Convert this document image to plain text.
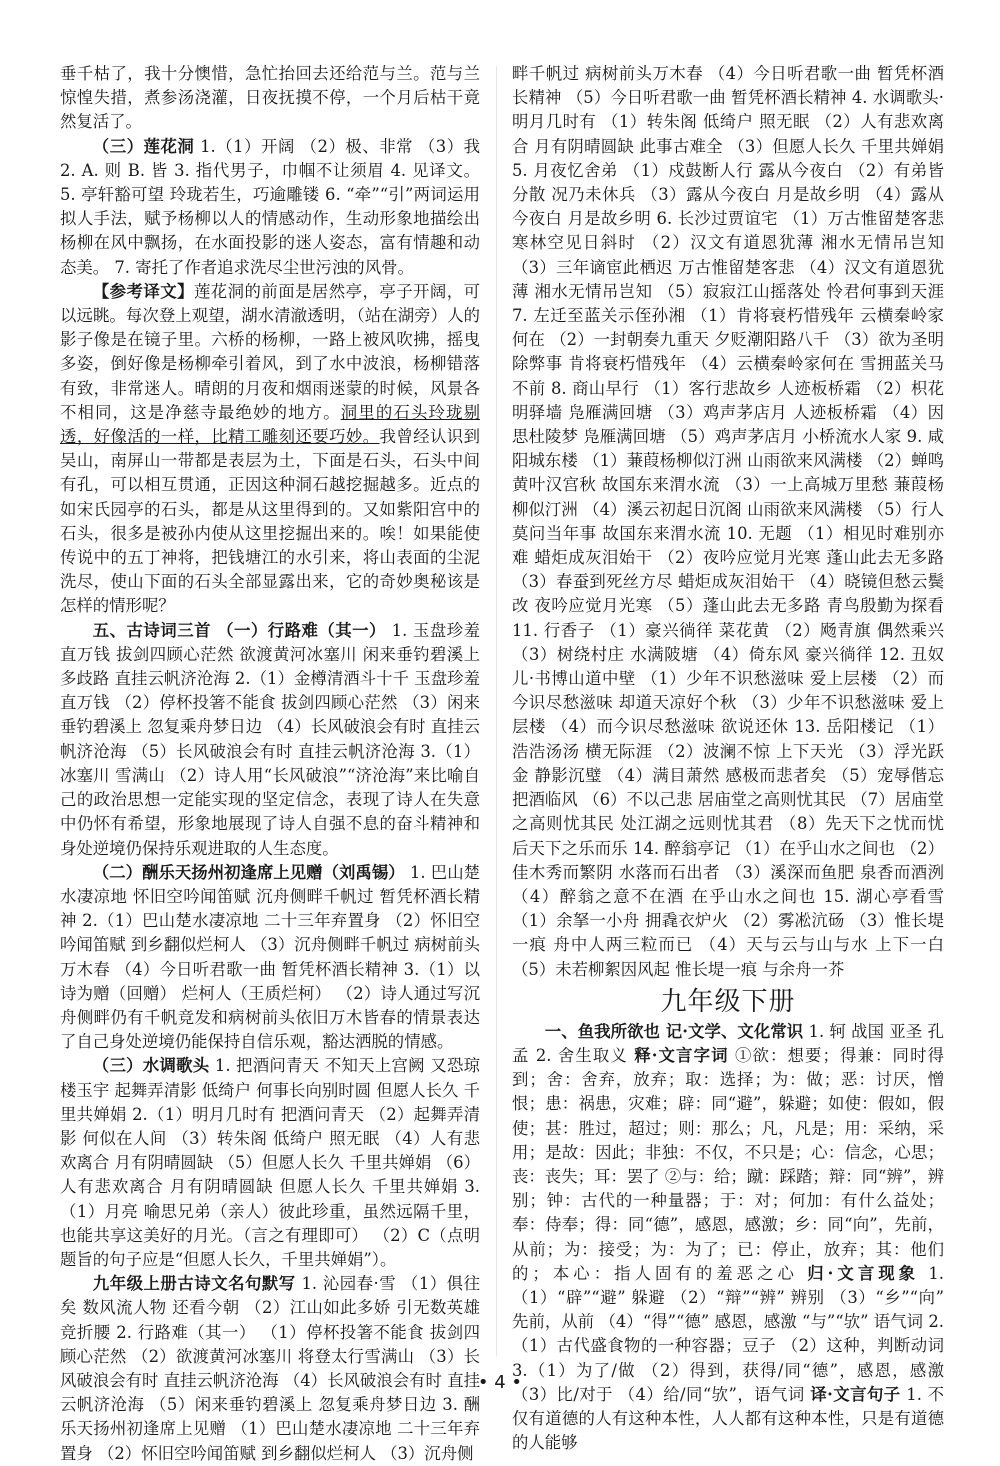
垂千枯了，我十分懊惜，急忙抬回去还给范与兰。范与兰惊惶失措，煮参汤浇灌，日夜抚摸不停，一个月后枯干竟然复活了。

（三）莲花洞 1.（1）开阔 （2）极、非常 （3）我 2. A. 则 B. 皆 3. 指代男子，巾帼不让须眉 4. 见译文。 5. 亭轩豁可望 玲珑若生，巧逾雕镂 6. “牵”“引”两词运用拟人手法，赋予杨柳以人的情感动作，生动形象地描绘出杨柳在风中飘扬，在水面投影的迷人姿态，富有情趣和动态美。 7. 寄托了作者追求洗尽尘世污浊的风骨。

【参考译文】莲花洞的前面是居然亭，亭子开阔，可以远眺。每次登上观望，湖水清澈透明，（站在湖旁）人的影子像是在镜子里。六桥的杨柳，一路上被风吹拂，摇曳多姿，倒好像是杨柳牵引着风，到了水中波浪，杨柳错落有致，非常迷人。晴朗的月夜和烟雨迷蒙的时候，风景各不相同，这是净慈寺最绝妙的地方。洞里的石头玲珑剔透，好像活的一样，比精工雕刻还要巧妙。我曾经认识到吴山，南屏山一带都是表层为土，下面是石头，石头中间有孔，可以相互贯通，正因这种洞石越挖掘越多。近点的如宋氏园亭的石头，都是从这里得到的。又如紫阳宫中的石头，很多是被孙内使从这里挖掘出来的。唉！如果能使传说中的五丁神将，把钱塘江的水引来，将山表面的尘泥洗尽，使山下面的石头全部显露出来，它的奇妙奥秘该是怎样的情形呢？

五、古诗词三首 （一）行路难（其一） 1. 玉盘珍羞直万钱 拔剑四顾心茫然 欲渡黄河冰塞川 闲来垂钓碧溪上 多歧路 直挂云帆济沧海 2.（1）金樽清酒斗十千 玉盘珍羞直万钱 （2）停杯投箸不能食 拔剑四顾心茫然 （3）闲来垂钓碧溪上 忽复乘舟梦日边 （4）长风破浪会有时 直挂云帆济沧海 （5）长风破浪会有时 直挂云帆济沧海 3.（1）冰塞川 雪满山 （2）诗人用“长风破浪”“济沧海”来比喻自己的政治思想一定能实现的坚定信念，表现了诗人在失意中仍怀有希望，形象地展现了诗人自强不息的奋斗精神和身处逆境仍保持乐观进取的人生态度。

（二）酬乐天扬州初逢席上见赠（刘禹锡） 1. 巴山楚水凄凉地 怀旧空吟闻笛赋 沉舟侧畔千帆过 暂凭杯酒长精神 2.（1）巴山楚水凄凉地 二十三年弃置身 （2）怀旧空吟闻笛赋 到乡翻似烂柯人 （3）沉舟侧畔千帆过 病树前头万木春 （4）今日听君歌一曲 暂凭杯酒长精神 3.（1）以诗为赠（回赠） 烂柯人（王质烂柯） （2）诗人通过写沉舟侧畔仍有千帆竞发和病树前头依旧万木皆春的情景表达了自己身处逆境仍能保持自信乐观，豁达洒脱的情感。

（三）水调歌头 1. 把酒问青天 不知天上宫阙 又恐琼楼玉宇 起舞弄清影 低绮户 何事长向别时圆 但愿人长久 千里共婵娟 2.（1）明月几时有 把酒问青天 （2）起舞弄清影 何似在人间 （3）转朱阁 低绮户 照无眠 （4）人有悲欢离合 月有阴晴圆缺 （5）但愿人长久 千里共婵娟 （6）人有悲欢离合 月有阴晴圆缺 但愿人长久 千里共婵娟 3.（1）月亮 喻思兄弟（亲人）彼此珍重，虽然远隔千里，也能共享这美好的月光。（言之有理即可） （2）C（点明题旨的句子应是“但愿人长久，千里共婵娟”）。

九年级上册古诗文名句默写 1. 沁园春·雪 （1）俱往矣 数风流人物 还看今朝 （2）江山如此多娇 引无数英雄竞折腰 2. 行路难（其一） （1）停杯投箸不能食 拔剑四顾心茫然 （2）欲渡黄河冰塞川 将登太行雪满山 （3）长风破浪会有时 直挂云帆济沧海 （4）长风破浪会有时 直挂云帆济沧海 （5）闲来垂钓碧溪上 忽复乘舟梦日边 3. 酬乐天扬州初逢席上见赠 （1）巴山楚水凄凉地 二十三年弃置身 （2）怀旧空吟闻笛赋 到乡翻似烂柯人 （3）沉舟侧

畔千帆过 病树前头万木春 （4）今日听君歌一曲 暂凭杯酒长精神 （5）今日听君歌一曲 暂凭杯酒长精神 4. 水调歌头·明月几时有 （1）转朱阁 低绮户 照无眠 （2）人有悲欢离合 月有阴晴圆缺 此事古难全 （3）但愿人长久 千里共婵娟 5. 月夜忆舍弟 （1）戍鼓断人行 露从今夜白 （2）有弟皆分散 况乃未休兵 （3）露从今夜白 月是故乡明 （4）露从今夜白 月是故乡明 6. 长沙过贾谊宅 （1）万古惟留楚客悲 寒林空见日斜时 （2）汉文有道恩犹薄 湘水无情吊岂知 （3）三年谪宦此栖迟 万古惟留楚客悲 （4）汉文有道恩犹薄 湘水无情吊岂知 （5）寂寂江山摇落处 怜君何事到天涯 7. 左迁至蓝关示侄孙湘 （1）肯将衰朽惜残年 云横秦岭家何在 （2）一封朝奏九重天 夕贬潮阳路八千 （3）欲为圣明除弊事 肯将衰朽惜残年 （4）云横秦岭家何在 雪拥蓝关马不前 8. 商山早行 （1）客行悲故乡 人迹板桥霜 （2）枳花明驿墙 凫雁满回塘 （3）鸡声茅店月 人迹板桥霜 （4）因思杜陵梦 凫雁满回塘 （5）鸡声茅店月 小桥流水人家 9. 咸阳城东楼 （1）蒹葭杨柳似汀洲 山雨欲来风满楼 （2）蝉鸣黄叶汉宫秋 故国东来渭水流 （3）一上高城万里愁 蒹葭杨柳似汀洲 （4）溪云初起日沉阁 山雨欲来风满楼 （5）行人莫问当年事 故国东来渭水流 10. 无题 （1）相见时难别亦难 蜡炬成灰泪始干 （2）夜吟应觉月光寒 蓬山此去无多路 （3）春蚕到死丝方尽 蜡炬成灰泪始干 （4）晓镜但愁云鬓改 夜吟应觉月光寒 （5）蓬山此去无多路 青鸟殷勤为探看 11. 行香子 （1）豪兴徜徉 菜花黄 （2）飏青旗 偶然乘兴 （3）树绕村庄 水满陂塘 （4）倚东风 豪兴徜徉 12. 丑奴儿·书博山道中壁 （1）少年不识愁滋味 爱上层楼 （2）而今识尽愁滋味 却道天凉好个秋 （3）少年不识愁滋味 爱上层楼 （4）而今识尽愁滋味 欲说还休 13. 岳阳楼记 （1）浩浩汤汤 横无际涯 （2）波澜不惊 上下天光 （3）浮光跃金 静影沉璧 （4）满目萧然 感极而悲者矣 （5）宠辱偕忘 把酒临风 （6）不以己悲 居庙堂之高则忧其民 （7）居庙堂之高则忧其民 处江湖之远则忧其君 （8）先天下之忧而忧 后天下之乐而乐 14. 醉翁亭记 （1）在乎山水之间也 （2）佳木秀而繁阴 水落而石出者 （3）溪深而鱼肥 泉香而酒洌 （4）醉翁之意不在酒 在乎山水之间也 15. 湖心亭看雪 （1）余拏一小舟 拥毳衣炉火 （2）雾凇沆砀 （3）惟长堤一痕 舟中人两三粒而已 （4）天与云与山与水 上下一白 （5）未若柳絮因风起 惟长堤一痕 与余舟一芥

九年级下册

一、鱼我所欲也 记·文学、文化常识 1. 轲 战国 亚圣 孔孟 2. 舍生取义 释·文言字词 ①欲：想要；得兼：同时得到；舍：舍弃，放弃；取：选择；为：做；恶：讨厌，憎恨；患：祸患，灾难；辟：同“避”，躲避；如使：假如，假使；甚：胜过，超过；则：那么；凡，凡是；用：采纳，采用；是故：因此；非独：不仅，不只是；心：信念，心思；丧：丧失；耳：罢了 ②与：给；蹴：踩踏；辩：同“辨”，辨别；钟：古代的一种量器；于：对；何加：有什么益处；奉：侍奉；得：同“德”，感恩，感激；乡：同“向”，先前，从前；为：接受；为：为了；已：停止，放弃；其：他们的；本心：指人固有的羞恶之心 归·文言现象 1.（1）“辟”“避” 躲避 （2）“辩”“辨” 辨别 （3）“乡”“向” 先前，从前 （4）“得”“德” 感恩，感激 “与”“欤” 语气词 2.（1）古代盛食物的一种容器；豆子 （2）这种，判断动词 3.（1）为了/做 （2）得到，获得/同“德”，感恩，感激 （3）比/对于 （4）给/同“欤”，语气词 译·文言句子 1. 不仅有道德的人有这种本性，人人都有这种本性，只是有道德的人能够

• 4 •
